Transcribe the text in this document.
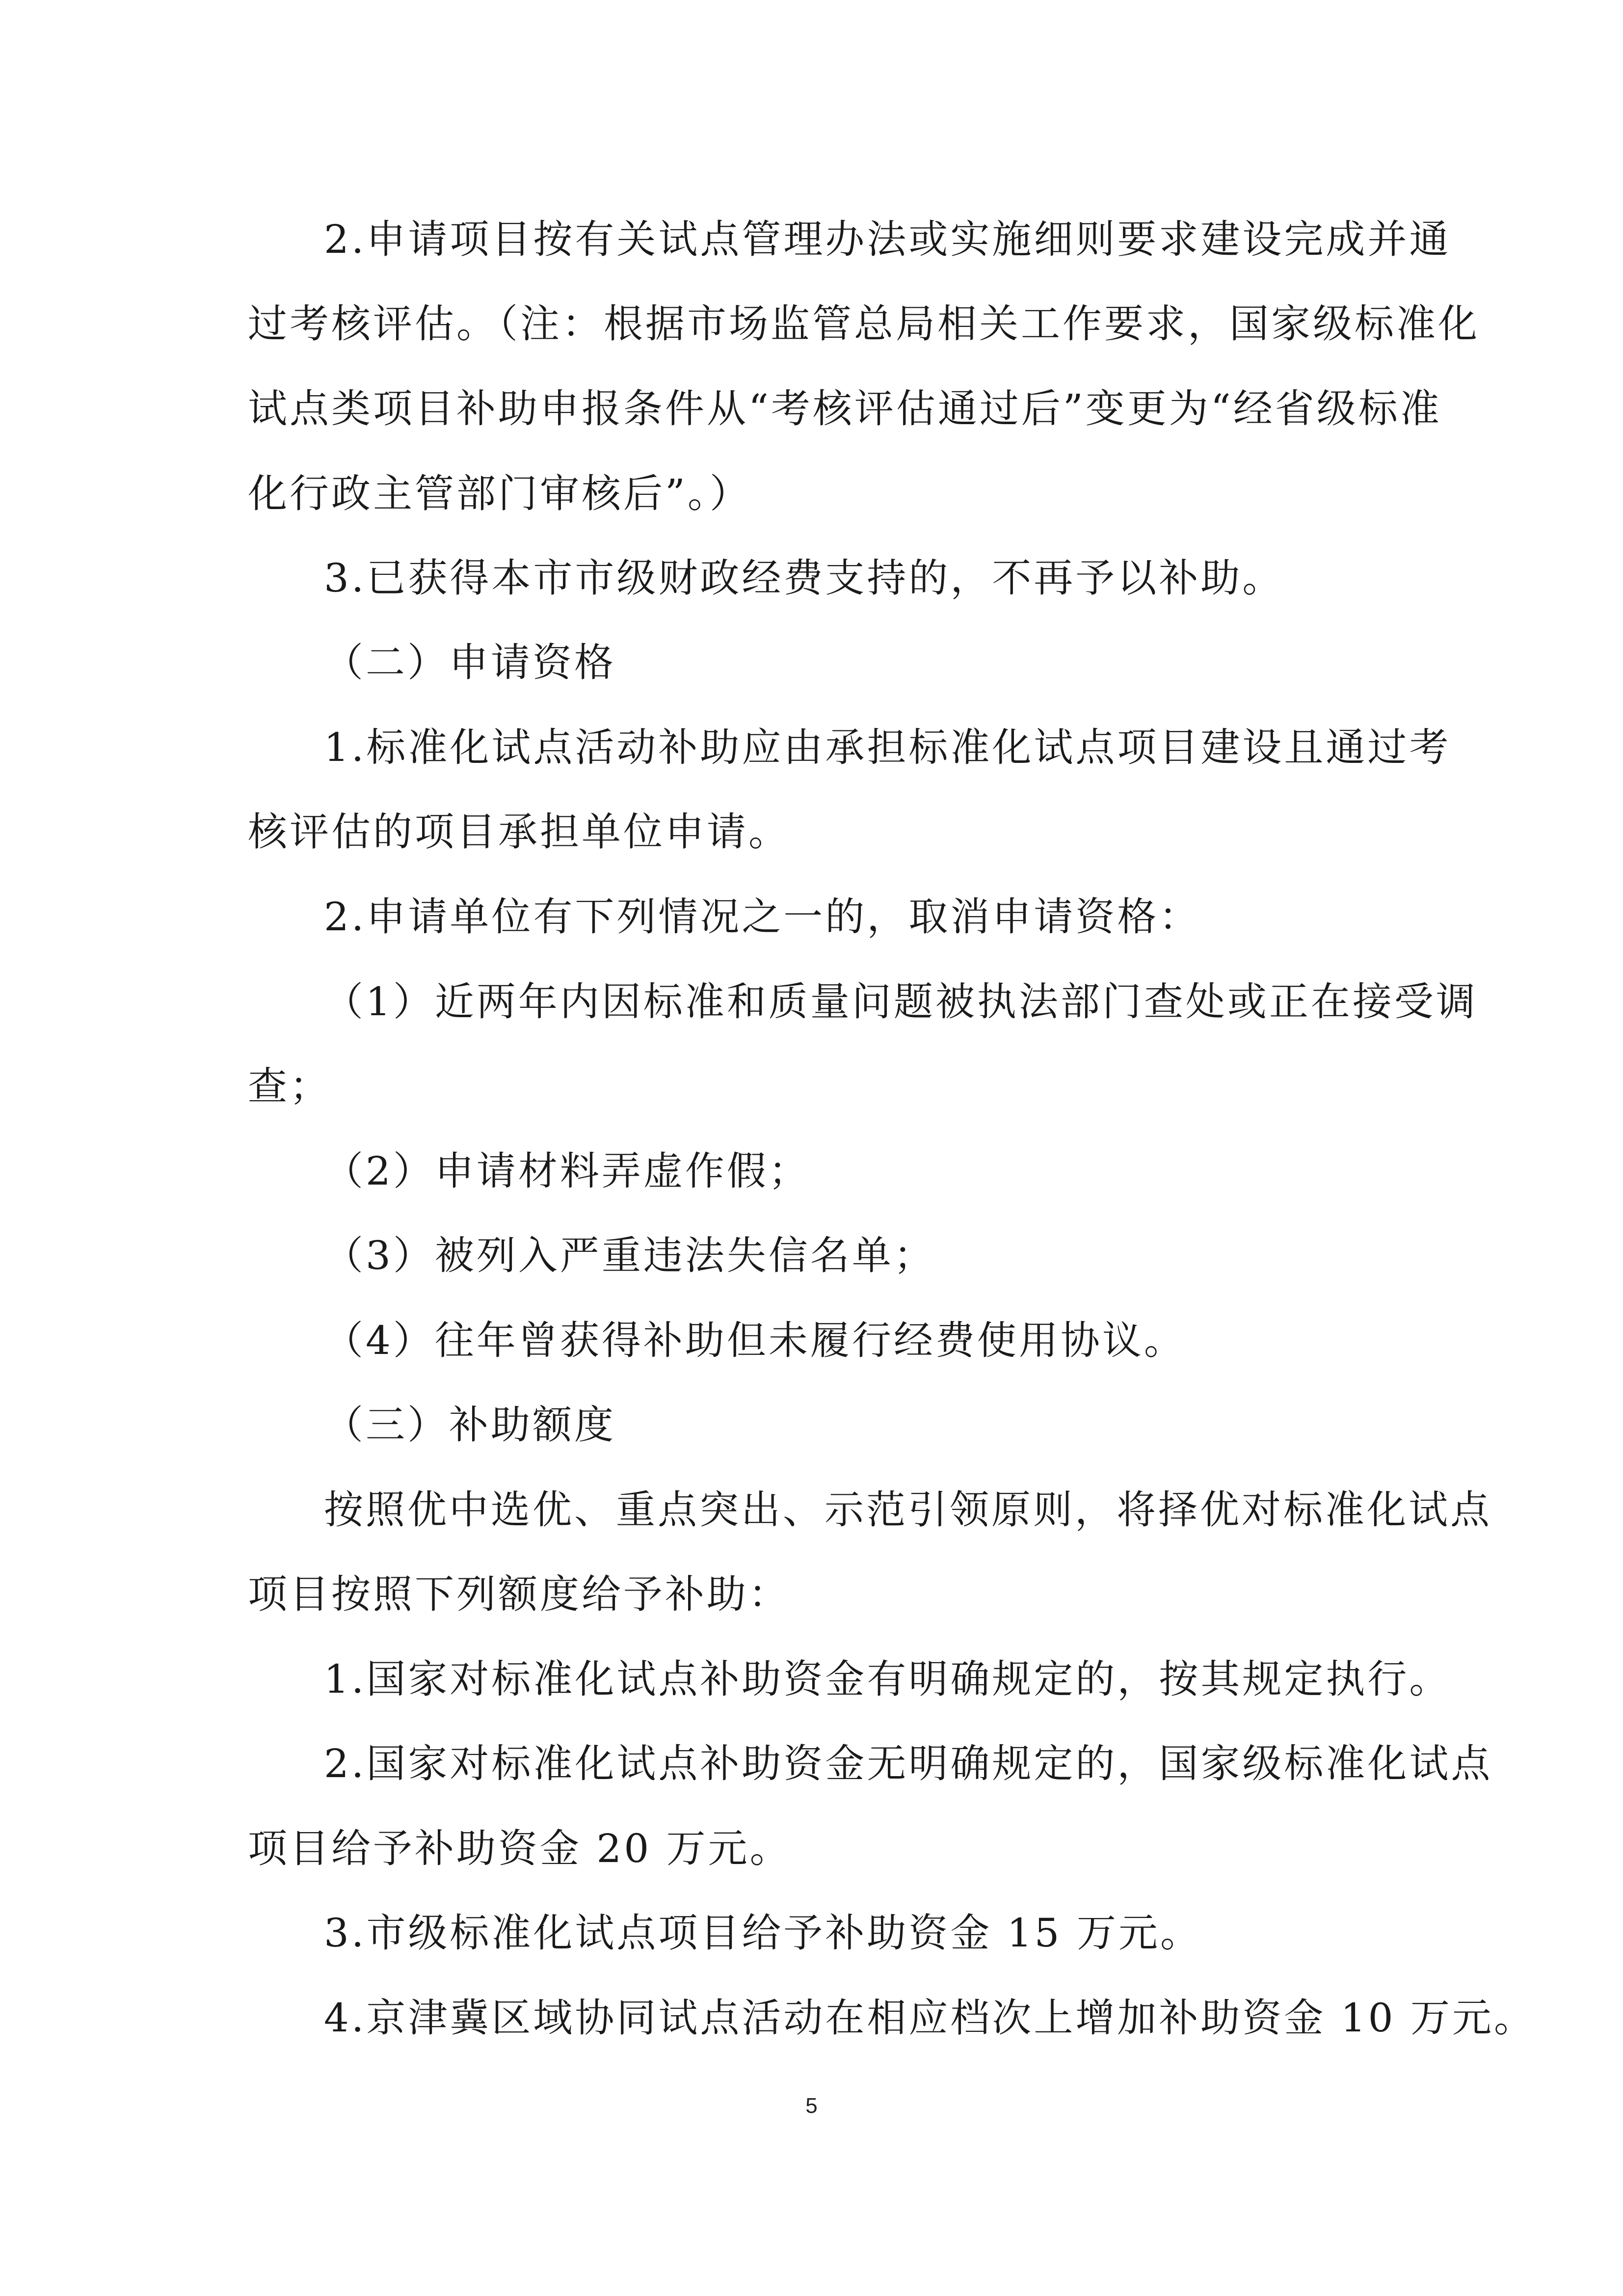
2.申请项目按有关试点管理办法或实施细则要求建设完成并通
过考核评估。（注：根据市场监管总局相关工作要求，国家级标准化
试点类项目补助申报条件从“考核评估通过后”变更为“经省级标准
化行政主管部门审核后”。）
3.已获得本市市级财政经费支持的，不再予以补助。
（二）申请资格
1.标准化试点活动补助应由承担标准化试点项目建设且通过考
核评估的项目承担单位申请。
2.申请单位有下列情况之一的，取消申请资格：
（1）近两年内因标准和质量问题被执法部门查处或正在接受调
查；
（2）申请材料弄虚作假；
（3）被列入严重违法失信名单；
（4）往年曾获得补助但未履行经费使用协议。
（三）补助额度
按照优中选优、重点突出、示范引领原则，将择优对标准化试点
项目按照下列额度给予补助：
1.国家对标准化试点补助资金有明确规定的，按其规定执行。
2.国家对标准化试点补助资金无明确规定的，国家级标准化试点
项目给予补助资金 20 万元。
3.市级标准化试点项目给予补助资金 15 万元。
4.京津冀区域协同试点活动在相应档次上增加补助资金 10 万元。
5
